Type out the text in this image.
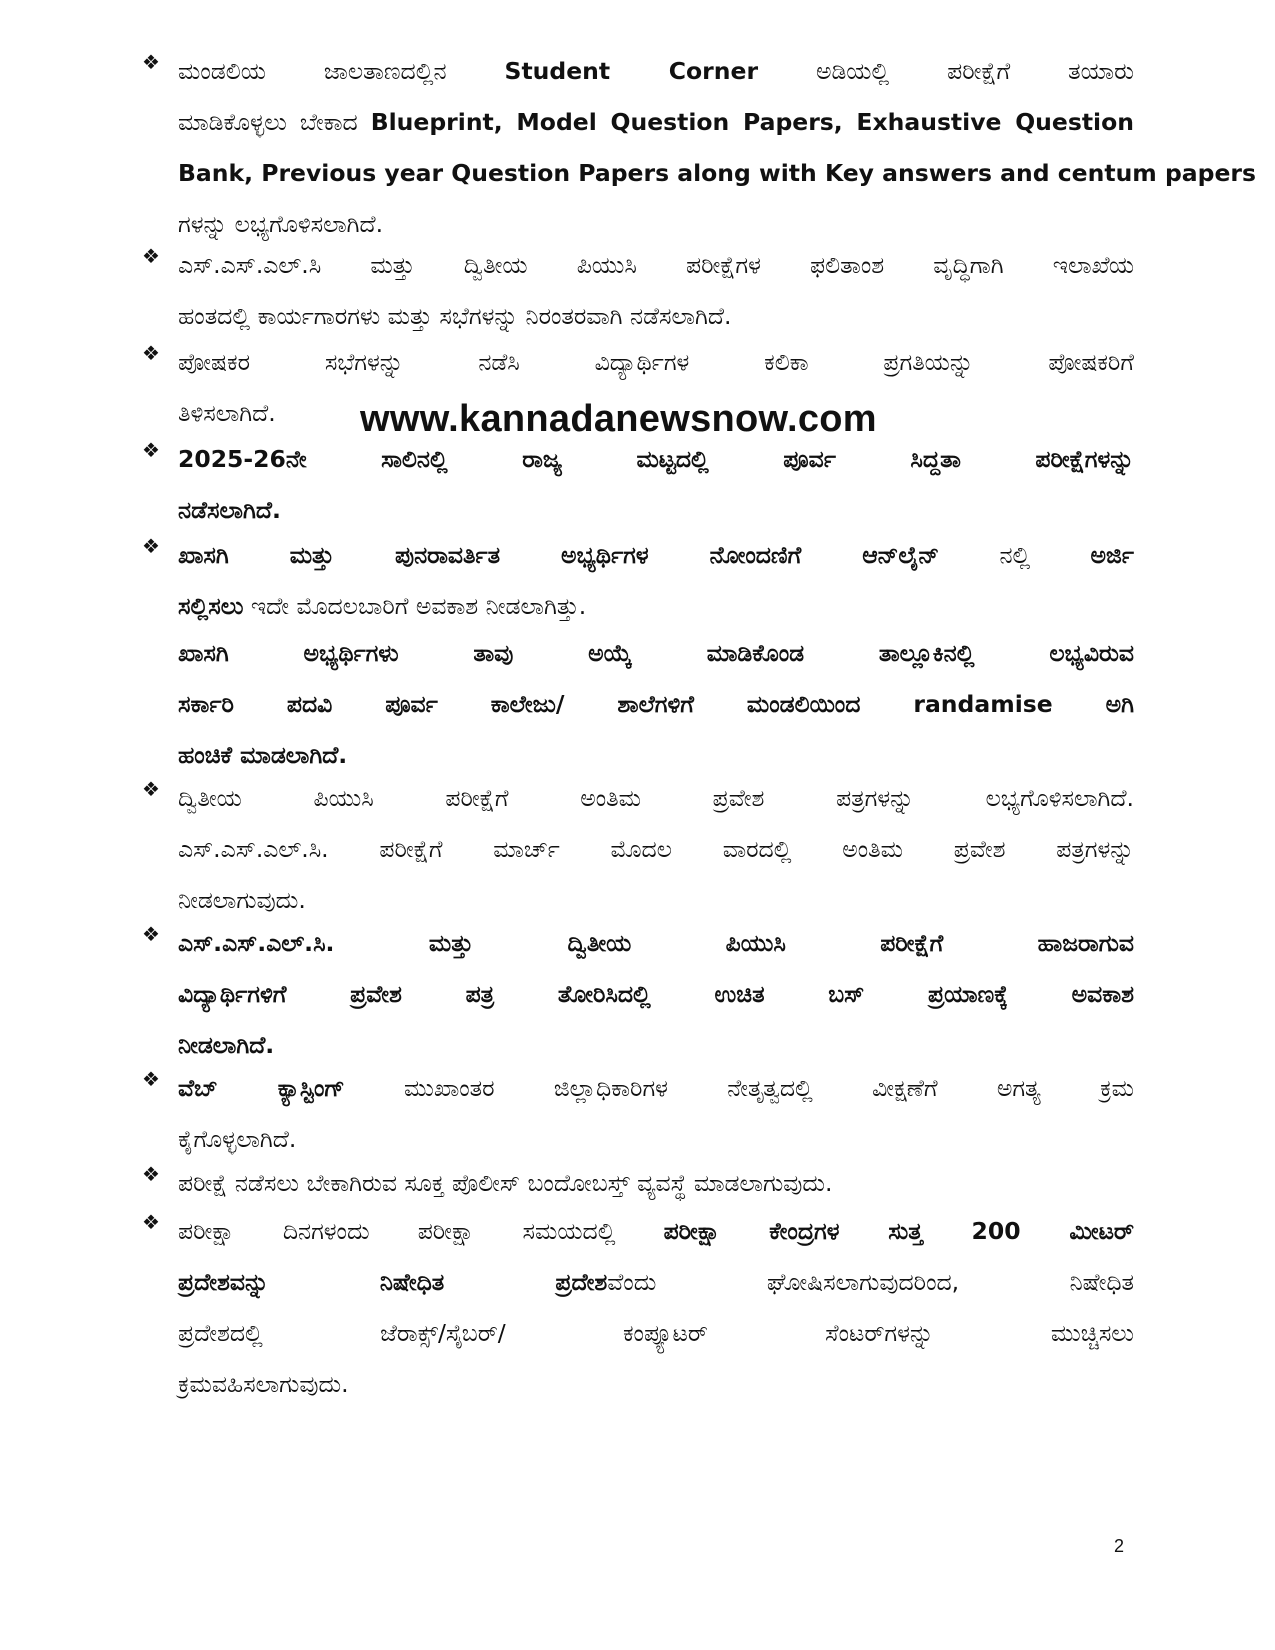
❖ ಮಂಡಲಿಯ ಜಾಲತಾಣದಲ್ಲಿನ Student Corner ಅಡಿಯಲ್ಲಿ ಪರೀಕ್ಷೆಗೆ ತಯಾರು
ಮಾಡಿಕೊಳ್ಳಲು ಬೇಕಾದ Blueprint, Model Question Papers, Exhaustive Question
Bank, Previous year Question Papers along with Key answers and centum papers
ಗಳನ್ನು ಲಭ್ಯಗೊಳಿಸಲಾಗಿದೆ.
❖ ಎಸ್.ಎಸ್.ಎಲ್.ಸಿ ಮತ್ತು ದ್ವಿತೀಯ ಪಿಯುಸಿ ಪರೀಕ್ಷೆಗಳ ಫಲಿತಾಂಶ ವೃದ್ಧಿಗಾಗಿ ಇಲಾಖೆಯ
ಹಂತದಲ್ಲಿ ಕಾರ್ಯಗಾರಗಳು ಮತ್ತು ಸಭೆಗಳನ್ನು ನಿರಂತರವಾಗಿ ನಡೆಸಲಾಗಿದೆ.
❖ ಪೋಷಕರ ಸಭೆಗಳನ್ನು ನಡೆಸಿ ವಿದ್ಯಾರ್ಥಿಗಳ ಕಲಿಕಾ ಪ್ರಗತಿಯನ್ನು ಪೋಷಕರಿಗೆ
ತಿಳಿಸಲಾಗಿದೆ.
❖ 2025-26ನೇ ಸಾಲಿನಲ್ಲಿ ರಾಜ್ಯ ಮಟ್ಟದಲ್ಲಿ ಪೂರ್ವ ಸಿದ್ದತಾ ಪರೀಕ್ಷೆಗಳನ್ನು
ನಡೆಸಲಾಗಿದೆ.
❖ ಖಾಸಗಿ ಮತ್ತು ಪುನರಾವರ್ತಿತ ಅಭ್ಯರ್ಥಿಗಳ ನೋಂದಣಿಗೆ ಆನ್‌ಲೈನ್ ನಲ್ಲಿ ಅರ್ಜಿ
ಸಲ್ಲಿಸಲು ಇದೇ ಮೊದಲಬಾರಿಗೆ ಅವಕಾಶ ನೀಡಲಾಗಿತ್ತು.
❖ ದ್ವಿತೀಯ ಪಿಯುಸಿ ಪರೀಕ್ಷೆಗೆ ಅಂತಿಮ ಪ್ರವೇಶ ಪತ್ರಗಳನ್ನು ಲಭ್ಯಗೊಳಿಸಲಾಗಿದೆ.
ಎಸ್.ಎಸ್.ಎಲ್.ಸಿ. ಪರೀಕ್ಷೆಗೆ ಮಾರ್ಚ್ ಮೊದಲ ವಾರದಲ್ಲಿ ಅಂತಿಮ ಪ್ರವೇಶ ಪತ್ರಗಳನ್ನು
ನೀಡಲಾಗುವುದು.
❖ ಎಸ್.ಎಸ್.ಎಲ್.ಸಿ. ಮತ್ತು ದ್ವಿತೀಯ ಪಿಯುಸಿ ಪರೀಕ್ಷೆಗೆ ಹಾಜರಾಗುವ
ವಿದ್ಯಾರ್ಥಿಗಳಿಗೆ ಪ್ರವೇಶ ಪತ್ರ ತೋರಿಸಿದಲ್ಲಿ ಉಚಿತ ಬಸ್ ಪ್ರಯಾಣಕ್ಕೆ ಅವಕಾಶ
ನೀಡಲಾಗಿದೆ.
❖ ವೆಬ್ ಕ್ಯಾಸ್ಟಿಂಗ್ ಮುಖಾಂತರ ಜಿಲ್ಲಾಧಿಕಾರಿಗಳ ನೇತೃತ್ವದಲ್ಲಿ ವೀಕ್ಷಣೆಗೆ ಅಗತ್ಯ ಕ್ರಮ
ಕೈಗೊಳ್ಳಲಾಗಿದೆ.
❖ ಪರೀಕ್ಷೆ ನಡೆಸಲು ಬೇಕಾಗಿರುವ ಸೂಕ್ತ ಪೊಲೀಸ್ ಬಂದೋಬಸ್ತ್ ವ್ಯವಸ್ಥೆ ಮಾಡಲಾಗುವುದು.
❖ ಪರೀಕ್ಷಾ ದಿನಗಳಂದು ಪರೀಕ್ಷಾ ಸಮಯದಲ್ಲಿ ಪರೀಕ್ಷಾ ಕೇಂದ್ರಗಳ ಸುತ್ತ 200 ಮೀಟರ್
ಪ್ರದೇಶವನ್ನು ನಿಷೇಧಿತ ಪ್ರದೇಶವೆಂದು ಘೋಷಿಸಲಾಗುವುದರಿಂದ, ನಿಷೇಧಿತ
ಪ್ರದೇಶದಲ್ಲಿ ಜೆರಾಕ್ಸ್/ಸೈಬರ್/ ಕಂಪ್ಯೂಟರ್ ಸೆಂಟರ್‌ಗಳನ್ನು ಮುಚ್ಚಿಸಲು
ಕ್ರಮವಹಿಸಲಾಗುವುದು.
ಖಾಸಗಿ ಅಭ್ಯರ್ಥಿಗಳು ತಾವು ಅಯ್ಕೆ ಮಾಡಿಕೊಂಡ ತಾಲ್ಲೂಕಿನಲ್ಲಿ ಲಭ್ಯವಿರುವ
ಸರ್ಕಾರಿ ಪದವಿ ಪೂರ್ವ ಕಾಲೇಜು/ ಶಾಲೆಗಳಿಗೆ ಮಂಡಲಿಯಿಂದ randamise ಅಗಿ
ಹಂಚಿಕೆ ಮಾಡಲಾಗಿದೆ.
www.kannadanewsnow.com
2
